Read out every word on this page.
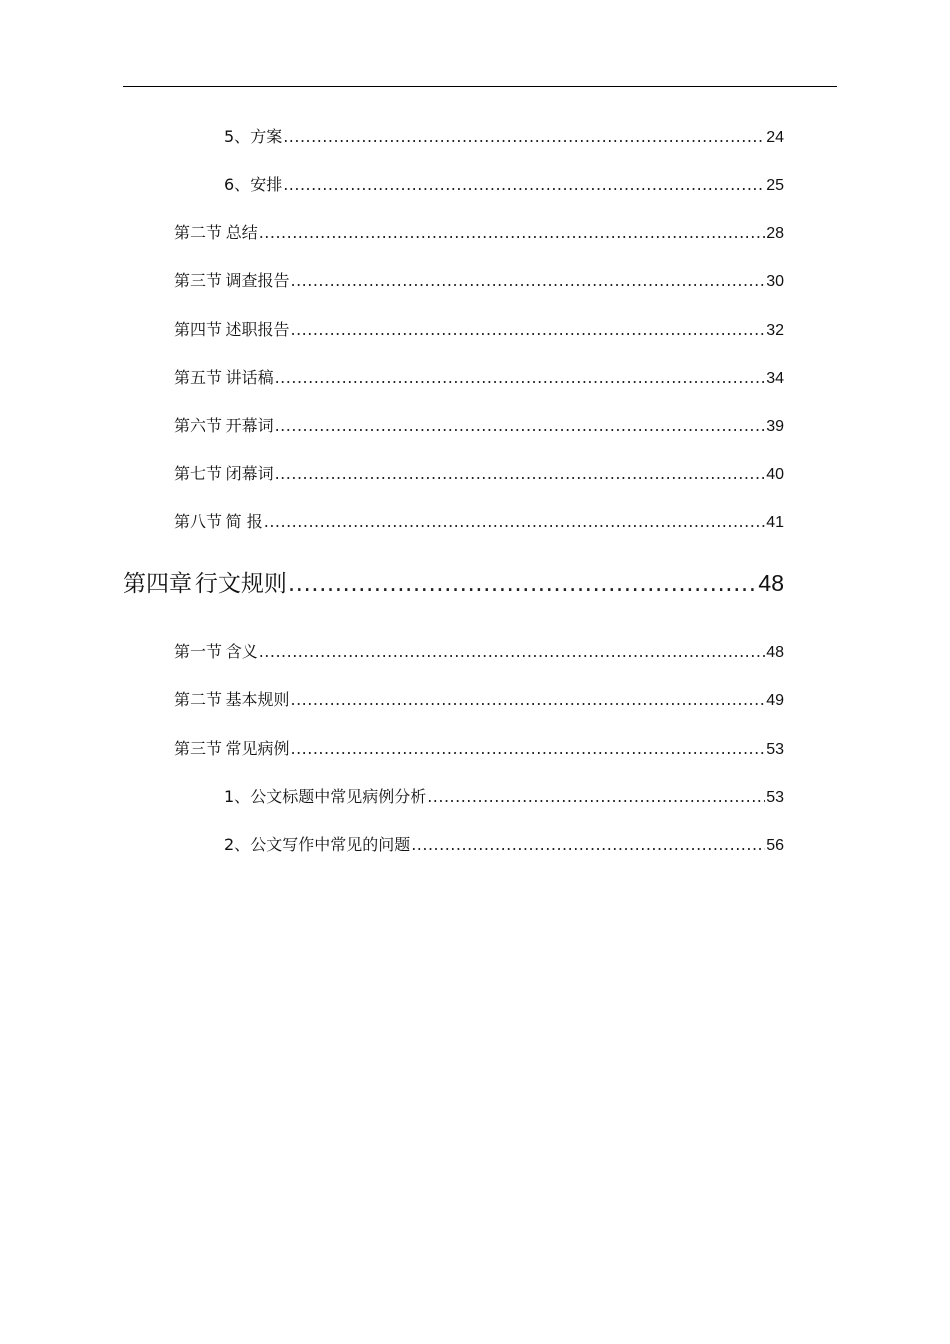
5、 方案 .....	24
6、 安排 .....	25
第二节 总结 .....	28
第三节 调查报告 .....	30
第四节 述职报告 .....	32
第五节 讲话稿 .....	34
第六节 开幕词 .....	39
第七节 闭幕词 .....	40
第八节 简 报 .....	41
第四章 行文规则 .....	48
第一节 含义 .....	48
第二节 基本规则 .....	49
第三节 常见病例 .....	53
1、 公文标题中常见病例分析 .....	53
2、 公文写作中常见的问题 .....	56
